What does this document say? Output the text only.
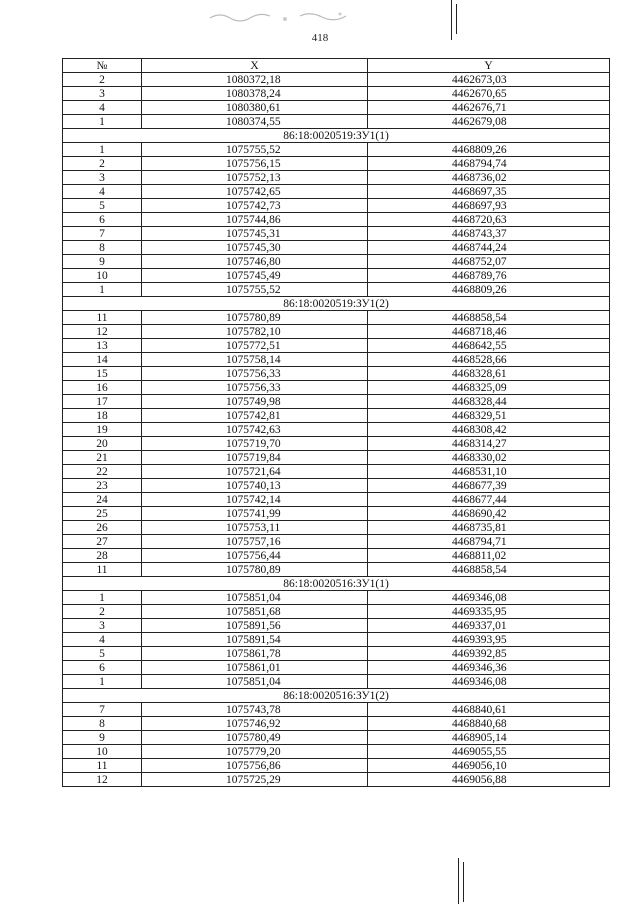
418
№	X	Y
2	1080372,18	4462673,03
3	1080378,24	4462670,65
4	1080380,61	4462676,71
1	1080374,55	4462679,08
86:18:0020519:ЗУ1(1)		
1	1075755,52	4468809,26
2	1075756,15	4468794,74
3	1075752,13	4468736,02
4	1075742,65	4468697,35
5	1075742,73	4468697,93
6	1075744,86	4468720,63
7	1075745,31	4468743,37
8	1075745,30	4468744,24
9	1075746,80	4468752,07
10	1075745,49	4468789,76
1	1075755,52	4468809,26
86:18:0020519:ЗУ1(2)		
11	1075780,89	4468858,54
12	1075782,10	4468718,46
13	1075772,51	4468642,55
14	1075758,14	4468528,66
15	1075756,33	4468328,61
16	1075756,33	4468325,09
17	1075749,98	4468328,44
18	1075742,81	4468329,51
19	1075742,63	4468308,42
20	1075719,70	4468314,27
21	1075719,84	4468330,02
22	1075721,64	4468531,10
23	1075740,13	4468677,39
24	1075742,14	4468677,44
25	1075741,99	4468690,42
26	1075753,11	4468735,81
27	1075757,16	4468794,71
28	1075756,44	4468811,02
11	1075780,89	4468858,54
86:18:0020516:ЗУ1(1)		
1	1075851,04	4469346,08
2	1075851,68	4469335,95
3	1075891,56	4469337,01
4	1075891,54	4469393,95
5	1075861,78	4469392,85
6	1075861,01	4469346,36
1	1075851,04	4469346,08
86:18:0020516:ЗУ1(2)		
7	1075743,78	4468840,61
8	1075746,92	4468840,68
9	1075780,49	4468905,14
10	1075779,20	4469055,55
11	1075756,86	4469056,10
12	1075725,29	4469056,88
